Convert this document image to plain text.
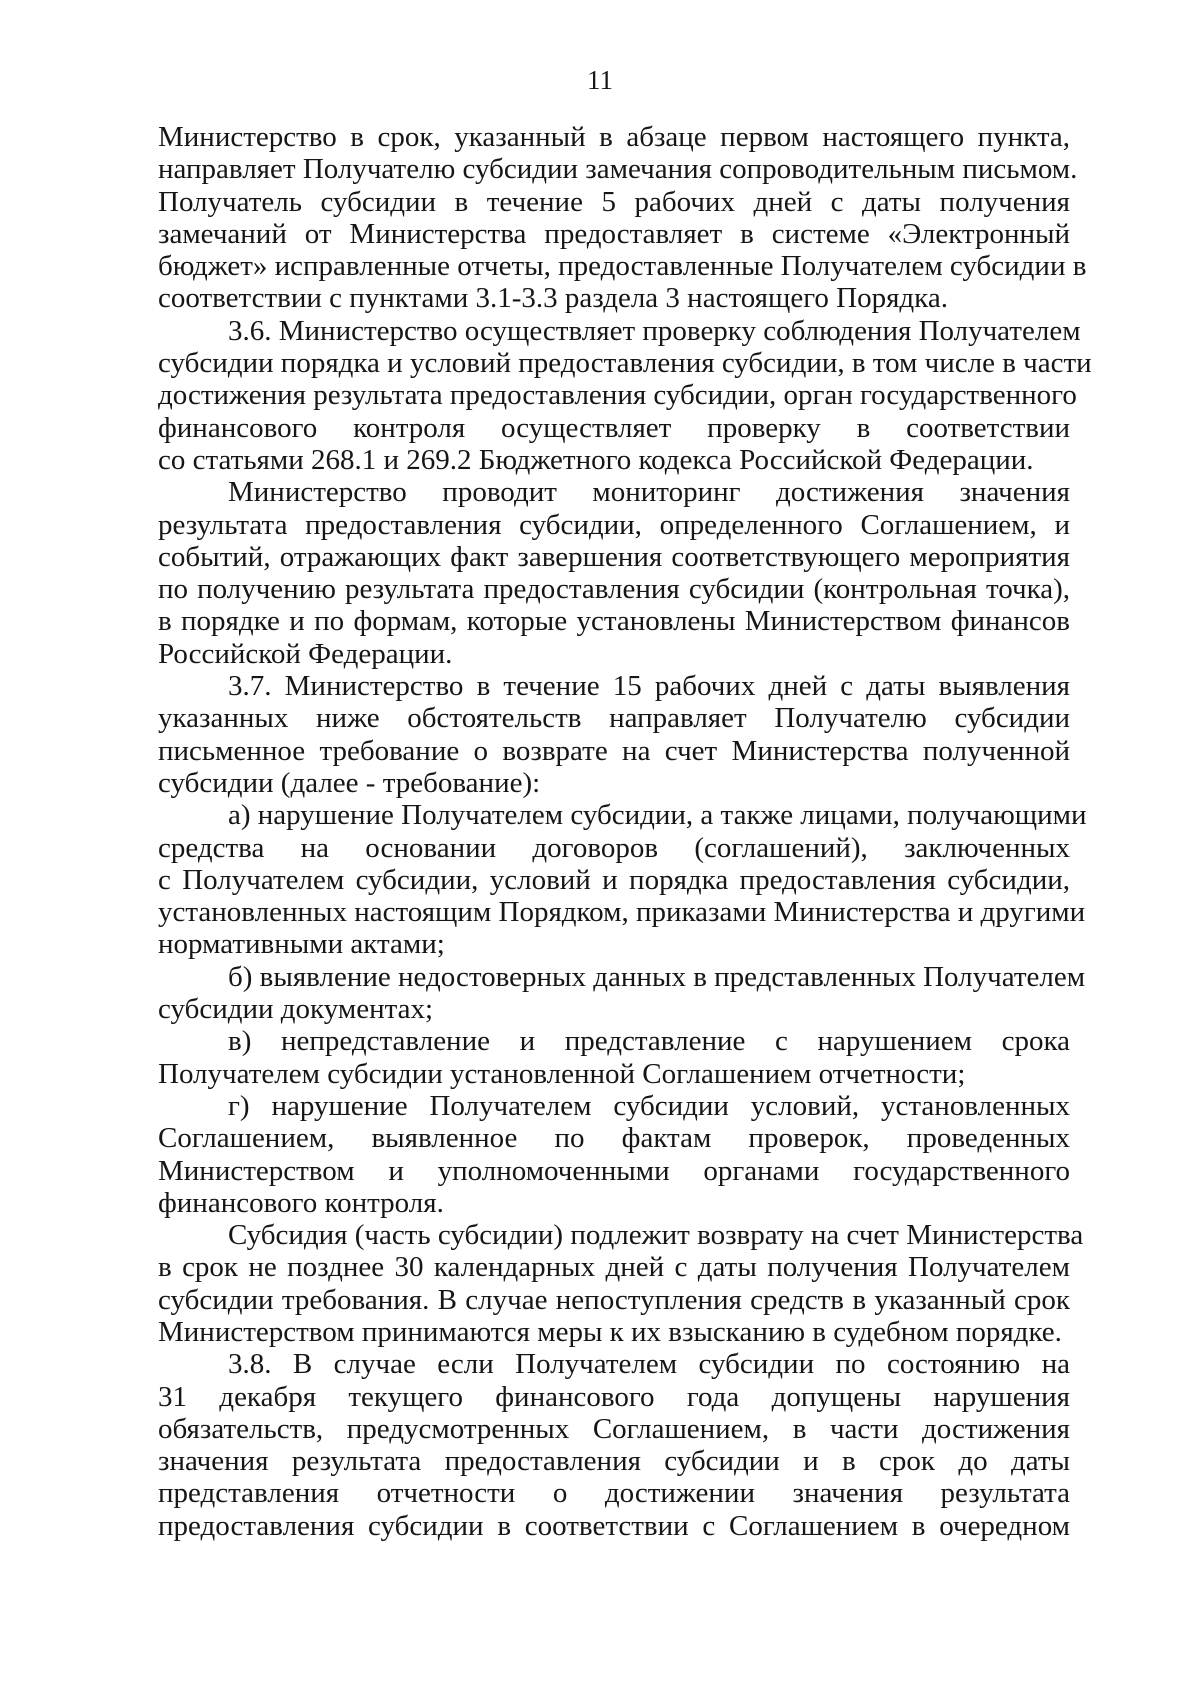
11
Министерство в срок, указанный в абзаце первом настоящего пункта,
направляет Получателю субсидии замечания сопроводительным письмом.
Получатель субсидии в течение 5 рабочих дней с даты получения
замечаний от Министерства предоставляет в системе «Электронный
бюджет» исправленные отчеты, предоставленные Получателем субсидии в
соответствии с пунктами 3.1-3.3 раздела 3 настоящего Порядка.
3.6. Министерство осуществляет проверку соблюдения Получателем
субсидии порядка и условий предоставления субсидии, в том числе в части
достижения результата предоставления субсидии, орган государственного
финансового контроля осуществляет проверку в соответствии
со статьями 268.1 и 269.2 Бюджетного кодекса Российской Федерации.
Министерство проводит мониторинг достижения значения
результата предоставления субсидии, определенного Соглашением, и
событий, отражающих факт завершения соответствующего мероприятия
по получению результата предоставления субсидии (контрольная точка),
в порядке и по формам, которые установлены Министерством финансов
Российской Федерации.
3.7. Министерство в течение 15 рабочих дней с даты выявления
указанных ниже обстоятельств направляет Получателю субсидии
письменное требование о возврате на счет Министерства полученной
субсидии (далее - требование):
а) нарушение Получателем субсидии, а также лицами, получающими
средства на основании договоров (соглашений), заключенных
с Получателем субсидии, условий и порядка предоставления субсидии,
установленных настоящим Порядком, приказами Министерства и другими
нормативными актами;
б) выявление недостоверных данных в представленных Получателем
субсидии документах;
в) непредставление и представление с нарушением срока
Получателем субсидии установленной Соглашением отчетности;
г) нарушение Получателем субсидии условий, установленных
Соглашением, выявленное по фактам проверок, проведенных
Министерством и уполномоченными органами государственного
финансового контроля.
Субсидия (часть субсидии) подлежит возврату на счет Министерства
в срок не позднее 30 календарных дней с даты получения Получателем
субсидии требования. В случае непоступления средств в указанный срок
Министерством принимаются меры к их взысканию в судебном порядке.
3.8. В случае если Получателем субсидии по состоянию на
31 декабря текущего финансового года допущены нарушения
обязательств, предусмотренных Соглашением, в части достижения
значения результата предоставления субсидии и в срок до даты
представления отчетности о достижении значения результата
предоставления субсидии в соответствии с Соглашением в очередном
